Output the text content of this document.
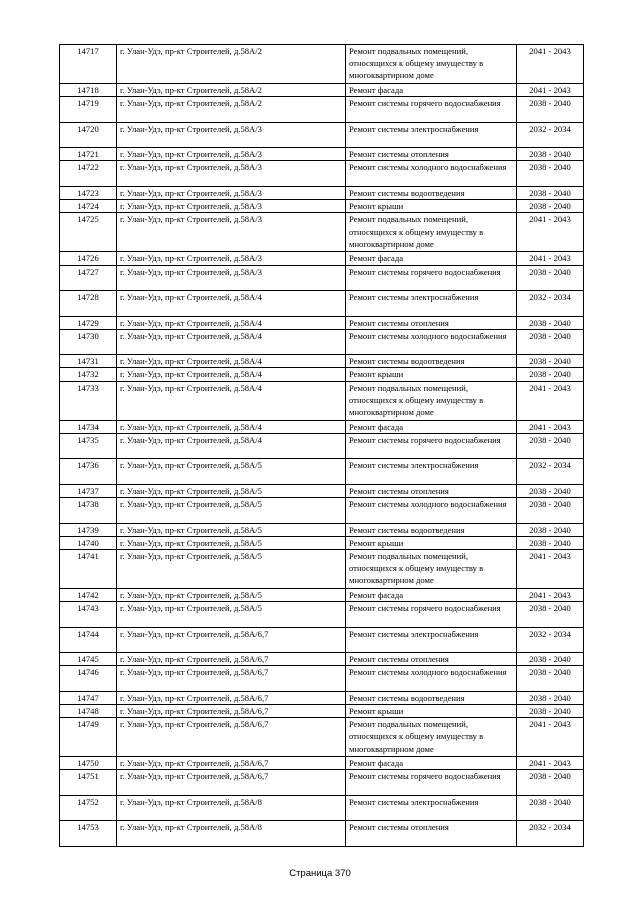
14717	г. Улан-Удэ, пр-кт Строителей, д.58А/2	Ремонт подвальных помещений, относящихся к общему имуществу в многоквартирном доме	2041 - 2043
14718	г. Улан-Удэ, пр-кт Строителей, д.58А/2	Ремонт фасада	2041 - 2043
14719	г. Улан-Удэ, пр-кт Строителей, д.58А/2	Ремонт системы горячего водоснабжения	2038 - 2040
14720	г. Улан-Удэ, пр-кт Строителей, д.58А/3	Ремонт системы электроснабжения	2032 - 2034
14721	г. Улан-Удэ, пр-кт Строителей, д.58А/3	Ремонт системы отопления	2038 - 2040
14722	г. Улан-Удэ, пр-кт Строителей, д.58А/3	Ремонт системы холодного водоснабжения	2038 - 2040
14723	г. Улан-Удэ, пр-кт Строителей, д.58А/3	Ремонт системы водоотведения	2038 - 2040
14724	г. Улан-Удэ, пр-кт Строителей, д.58А/3	Ремонт крыши	2038 - 2040
14725	г. Улан-Удэ, пр-кт Строителей, д.58А/3	Ремонт подвальных помещений, относящихся к общему имуществу в многоквартирном доме	2041 - 2043
14726	г. Улан-Удэ, пр-кт Строителей, д.58А/3	Ремонт фасада	2041 - 2043
14727	г. Улан-Удэ, пр-кт Строителей, д.58А/3	Ремонт системы горячего водоснабжения	2038 - 2040
14728	г. Улан-Удэ, пр-кт Строителей, д.58А/4	Ремонт системы электроснабжения	2032 - 2034
14729	г. Улан-Удэ, пр-кт Строителей, д.58А/4	Ремонт системы отопления	2038 - 2040
14730	г. Улан-Удэ, пр-кт Строителей, д.58А/4	Ремонт системы холодного водоснабжения	2038 - 2040
14731	г. Улан-Удэ, пр-кт Строителей, д.58А/4	Ремонт системы водоотведения	2038 - 2040
14732	г. Улан-Удэ, пр-кт Строителей, д.58А/4	Ремонт крыши	2038 - 2040
14733	г. Улан-Удэ, пр-кт Строителей, д.58А/4	Ремонт подвальных помещений, относящихся к общему имуществу в многоквартирном доме	2041 - 2043
14734	г. Улан-Удэ, пр-кт Строителей, д.58А/4	Ремонт фасада	2041 - 2043
14735	г. Улан-Удэ, пр-кт Строителей, д.58А/4	Ремонт системы горячего водоснабжения	2038 - 2040
14736	г. Улан-Удэ, пр-кт Строителей, д.58А/5	Ремонт системы электроснабжения	2032 - 2034
14737	г. Улан-Удэ, пр-кт Строителей, д.58А/5	Ремонт системы отопления	2038 - 2040
14738	г. Улан-Удэ, пр-кт Строителей, д.58А/5	Ремонт системы холодного водоснабжения	2038 - 2040
14739	г. Улан-Удэ, пр-кт Строителей, д.58А/5	Ремонт системы водоотведения	2038 - 2040
14740	г. Улан-Удэ, пр-кт Строителей, д.58А/5	Ремонт крыши	2038 - 2040
14741	г. Улан-Удэ, пр-кт Строителей, д.58А/5	Ремонт подвальных помещений, относящихся к общему имуществу в многоквартирном доме	2041 - 2043
14742	г. Улан-Удэ, пр-кт Строителей, д.58А/5	Ремонт фасада	2041 - 2043
14743	г. Улан-Удэ, пр-кт Строителей, д.58А/5	Ремонт системы горячего водоснабжения	2038 - 2040
14744	г. Улан-Удэ, пр-кт Строителей, д.58А/6,7	Ремонт системы электроснабжения	2032 - 2034
14745	г. Улан-Удэ, пр-кт Строителей, д.58А/6,7	Ремонт системы отопления	2038 - 2040
14746	г. Улан-Удэ, пр-кт Строителей, д.58А/6,7	Ремонт системы холодного водоснабжения	2038 - 2040
14747	г. Улан-Удэ, пр-кт Строителей, д.58А/6,7	Ремонт системы водоотведения	2038 - 2040
14748	г. Улан-Удэ, пр-кт Строителей, д.58А/6,7	Ремонт крыши	2038 - 2040
14749	г. Улан-Удэ, пр-кт Строителей, д.58А/6,7	Ремонт подвальных помещений, относящихся к общему имуществу в многоквартирном доме	2041 - 2043
14750	г. Улан-Удэ, пр-кт Строителей, д.58А/6,7	Ремонт фасада	2041 - 2043
14751	г. Улан-Удэ, пр-кт Строителей, д.58А/6,7	Ремонт системы горячего водоснабжения	2038 - 2040
14752	г. Улан-Удэ, пр-кт Строителей, д.58А/8	Ремонт системы электроснабжения	2038 - 2040
14753	г. Улан-Удэ, пр-кт Строителей, д.58А/8	Ремонт системы отопления	2032 - 2034
Страница 370
